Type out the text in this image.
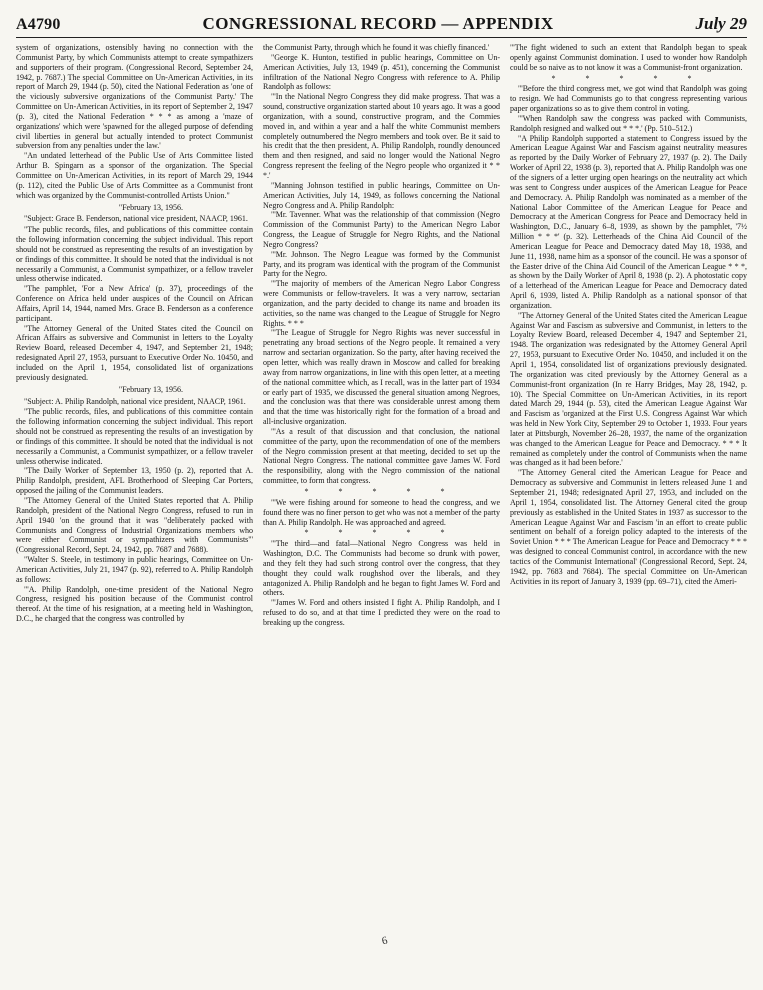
A4790	CONGRESSIONAL RECORD — APPENDIX	July 29

system of organizations, ostensibly having no connection with the Communist Party, by which Communists attempt to create sympathizers and supporters of their program. (Congressional Record, September 24, 1942, p. 7687.) The special Committee on Un-American Activities, in its report of March 29, 1944 (p. 50), cited the National Federation as 'one of the viciously subversive organizations of the Communist Party.' The Committee on Un-American Activities, in its report of September 2, 1947 (p. 3), cited the National Federation * * * as among a 'maze of organizations' which were 'spawned for the alleged purpose of defending civil liberties in general but actually intended to protect Communist subversion from any penalties under the law.'

"An undated letterhead of the Public Use of Arts Committee listed Arthur B. Spingarn as a sponsor of the organization. The Special Committee on Un-American Activities, in its report of March 29, 1944 (p. 112), cited the Public Use of Arts Committee as a Communist front which was organized by the Communist-controlled Artists Union."

"February 13, 1956.

"Subject: Grace B. Fenderson, national vice president, NAACP, 1961.

"The public records, files, and publications of this committee contain the following information concerning the subject individual. This report should not be construed as representing the results of an investigation by or findings of this committee. It should be noted that the individual is not necessarily a Communist, a Communist sympathizer, or a fellow traveler unless otherwise indicated.

"The pamphlet, 'For a New Africa' (p. 37), proceedings of the Conference on Africa held under auspices of the Council on African Affairs, April 14, 1944, named Mrs. Grace B. Fenderson as a conference participant.

"The Attorney General of the United States cited the Council on African Affairs as subversive and Communist in letters to the Loyalty Review Board, released December 4, 1947, and September 21, 1948; redesignated April 27, 1953, pursuant to Executive Order No. 10450, and included on the April 1, 1954, consolidated list of organizations previously designated.

"February 13, 1956.

"Subject: A. Philip Randolph, national vice president, NAACP, 1961.

"The public records, files, and publications of this committee contain the following information concerning the subject individual. This report should not be construed as representing the results of an investigation by or findings of this committee. It should be noted that the individual is not necessarily a Communist, a Communist sympathizer, or a fellow traveler unless otherwise indicated.

"The Daily Worker of September 13, 1950 (p. 2), reported that A. Philip Randolph, president, AFL Brotherhood of Sleeping Car Porters, opposed the jailing of the Communist leaders.

"The Attorney General of the United States reported that A. Philip Randolph, president of the National Negro Congress, refused to run in April 1940 'on the ground that it was "deliberately packed with Communists and Congress of Industrial Organizations members who were either Communist or sympathizers with Communists"' (Congressional Record, Sept. 24, 1942, pp. 7687 and 7688).

"Walter S. Steele, in testimony in public hearings, Committee on Un-American Activities, July 21, 1947 (p. 92), referred to A. Philip Randolph as follows:

"'A. Philip Randolph, one-time president of the National Negro Congress, resigned his position because of the Communist control thereof. At the time of his resignation, at a meeting held in Washington, D.C., he charged that the congress was controlled by

the Communist Party, through which he found it was chiefly financed.'

"George K. Hunton, testified in public hearings, Committee on Un-American Activities, July 13, 1949 (p. 451), concerning the Communist infiltration of the National Negro Congress with reference to A. Philip Randolph as follows:

"'In the National Negro Congress they did make progress. That was a sound, constructive organization started about 10 years ago. It was a good organization, with a sound, constructive program, and the Commies moved in, and within a year and a half the white Communist members completely outnumbered the Negro members and took over. Be it said to his credit that the then president, A. Philip Randolph, roundly denounced them and then resigned, and said no longer would the National Negro Congress represent the feeling of the Negro people who organized it * * *.'

"Manning Johnson testified in public hearings, Committee on Un-American Activities, July 14, 1949, as follows concerning the National Negro Congress and A. Philip Randolph:

"'Mr. Tavenner. What was the relationship of that commission (Negro Commission of the Communist Party) to the American Negro Labor Congress, the League of Struggle for Negro Rights, and the National Negro Congress?

"'Mr. Johnson. The Negro League was formed by the Communist Party, and its program was identical with the program of the Communist Party for the Negro.

"'The majority of members of the American Negro Labor Congress were Communists or fellow-travelers. It was a very narrow, sectarian organization, and the party decided to change its name and broaden its activities, so the name was changed to the League of Struggle for Negro Rights. * * *

"'The League of Struggle for Negro Rights was never successful in penetrating any broad sections of the Negro people. It remained a very narrow and sectarian organization. So the party, after having received the open letter, which was really drawn in Moscow and called for breaking away from narrow organizations, in line with this open letter, at a meeting of the national committee which, as I recall, was in the latter part of 1934 or early part of 1935, we discussed the general situation among Negroes, and the conclusion was that there was considerable unrest among them and that the time was historically right for the formation of a broad and all-inclusive organization.

"'As a result of that discussion and that conclusion, the national committee of the party, upon the recommendation of one of the members of the Negro commission present at that meeting, decided to set up the National Negro Congress. The national committee gave James W. Ford the responsibility, along with the Negro commission of the national committee, to form that congress.

* * * * *

"'We were fishing around for someone to head the congress, and we found there was no finer person to get who was not a member of the party than A. Philip Randolph. He was approached and agreed.

* * * * *

"'The third—and fatal—National Negro Congress was held in Washington, D.C. The Communists had become so drunk with power, and they felt they had such strong control over the congress, that they thought they could walk roughshod over the liberals, and they antagonized A. Philip Randolph and he began to fight James W. Ford and others.

"'James W. Ford and others insisted I fight A. Philip Randolph, and I refused to do so, and at that time I predicted they were on the road to breaking up the congress.

"'The fight widened to such an extent that Randolph began to speak openly against Communist domination. I used to wonder how Randolph could be so naive as to not know it was a Communist-front organization.

* * * * *

"'Before the third congress met, we got wind that Randolph was going to resign. We had Communists go to that congress representing various paper organizations so as to give them control in voting.

"'When Randolph saw the congress was packed with Communists, Randolph resigned and walked out * * *.' (Pp. 510–512.)

"A Philip Randolph supported a statement to Congress issued by the American League Against War and Fascism against neutrality measures as reported by the Daily Worker of February 27, 1937 (p. 2). The Daily Worker of April 22, 1938 (p. 3), reported that A. Philip Randolph was one of the signers of a letter urging open hearings on the neutrality act which was sent to Congress under auspices of the American League for Peace and Democracy. A. Philip Randolph was nominated as a member of the National Labor Committee of the American League for Peace and Democracy at the American Congress for Peace and Democracy held in Washington, D.C., January 6–8, 1939, as shown by the pamphlet, '7½ Million * * *' (p. 32). Letterheads of the China Aid Council of the American League for Peace and Democracy dated May 18, 1938, and June 11, 1938, name him as a sponsor of the council. He was a sponsor of the Easter drive of the China Aid Council of the American League * * *, as shown by the Daily Worker of April 8, 1938 (p. 2). A photostatic copy of a letterhead of the American League for Peace and Democracy dated April 6, 1939, listed A. Philip Randolph as a national sponsor of that organization.

"The Attorney General of the United States cited the American League Against War and Fascism as subversive and Communist, in letters to the Loyalty Review Board, released December 4, 1947 and September 21, 1948. The organization was redesignated by the Attorney General April 27, 1953, pursuant to Executive Order No. 10450, and included it on the April 1, 1954, consolidated list of organizations previously designated. The organization was cited previously by the Attorney General as a Communist-front organization (In re Harry Bridges, May 28, 1942, p. 10). The Special Committee on Un-American Activities, in its report dated March 29, 1944 (p. 53), cited the American League Against War and Fascism as 'organized at the First U.S. Congress Against War which was held in New York City, September 29 to October 1, 1933. Four years later at Pittsburgh, November 26–28, 1937, the name of the organization was changed to the American League for Peace and Democracy. * * * It remained as completely under the control of Communists when the name was changed as it had been before.'

"The Attorney General cited the American League for Peace and Democracy as subversive and Communist in letters released June 1 and September 21, 1948; redesignated April 27, 1953, and included on the April 1, 1954, consolidated list. The Attorney General cited the group previously as established in the United States in 1937 as successor to the American League Against War and Fascism 'in an effort to create public sentiment on behalf of a foreign policy adapted to the interests of the Soviet Union * * * The American League for Peace and Democracy * * * was designed to conceal Communist control, in accordance with the new tactics of the Communist International' (Congressional Record, Sept. 24, 1942, pp. 7683 and 7684). The special Committee on Un-American Activities in its report of January 3, 1939 (pp. 69–71), cited the Ameri-

6
